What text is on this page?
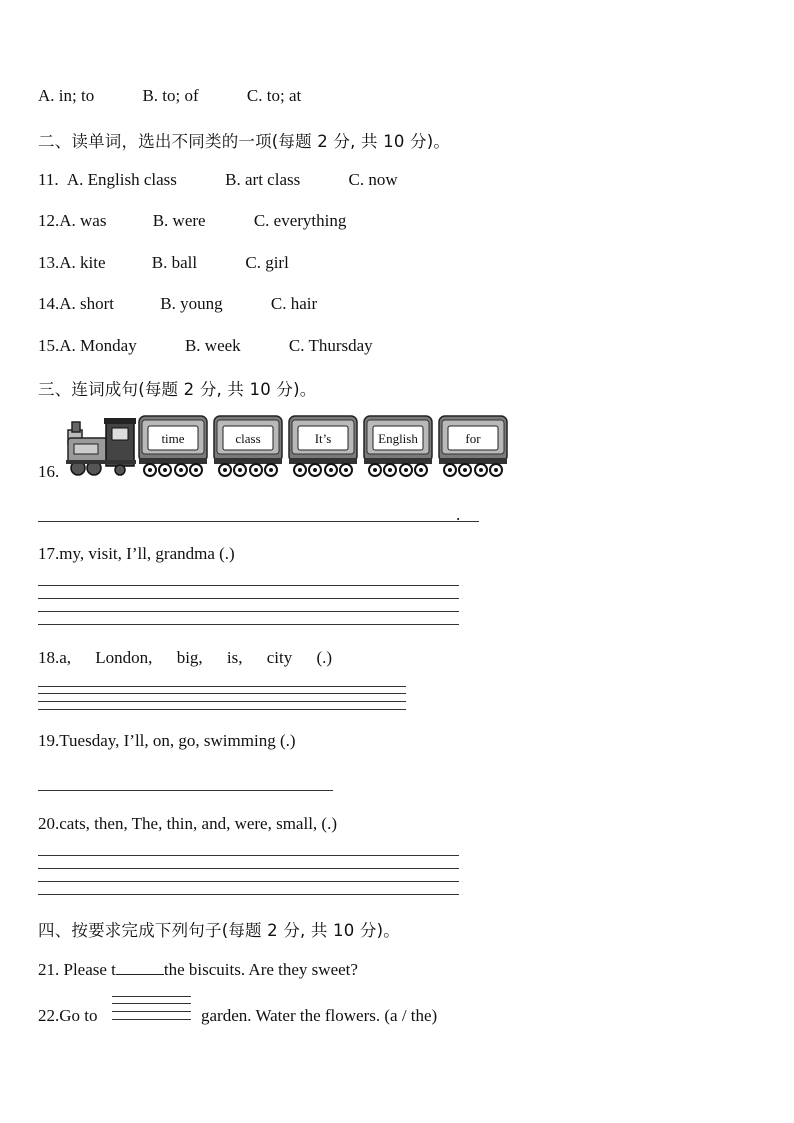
A. in; to	B. to; of	C. to; at
二、读单词，选出不同类的一项(每题 2 分, 共 10 分)。
11. A. English class	B. art class	C. now
12.A. was	B. were	C. everything
13.A. kite	B. ball	C. girl
14.A. short	B. young	C. hair
15.A. Monday	B. week	C. Thursday
三、连词成句(每题 2 分, 共 10 分)。
16.
time	class	It’s	English	for
.
17.my, visit, I’ll, grandma (.)
18.a, London, big, is, city (.)
19.Tuesday, I’ll, on, go, swimming (.)
20.cats, then, The, thin, and, were, small, (.)
四、按要求完成下列句子(每题 2 分, 共 10 分)。
21. Please t	the biscuits. Are they sweet?
22.Go to	garden. Water the flowers. (a / the)
